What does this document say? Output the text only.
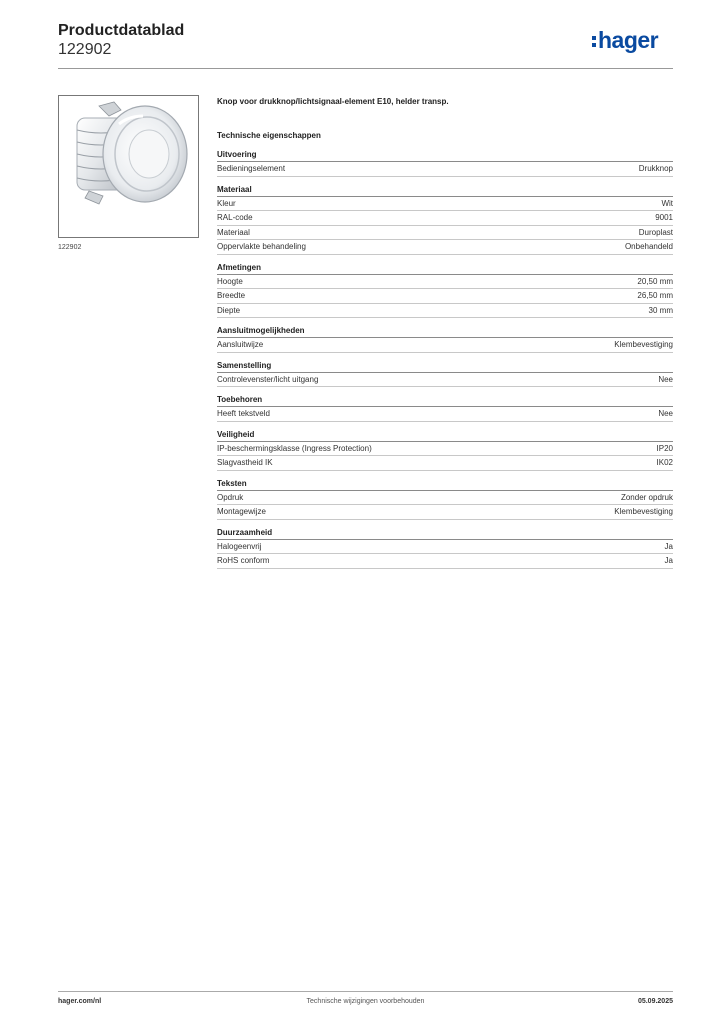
Productdatablad
122902	hager
122902
Knop voor drukknop/lichtsignaal-element E10, helder transp.
Technische eigenschappen
Uitvoering
Bedieningselement	Drukknop
Materiaal
Kleur	Wit
RAL-code	9001
Materiaal	Duroplast
Oppervlakte behandeling	Onbehandeld
Afmetingen
Hoogte	20,50 mm
Breedte	26,50 mm
Diepte	30 mm
Aansluitmogelijkheden
Aansluitwijze	Klembevestiging
Samenstelling
Controlevenster/licht uitgang	Nee
Toebehoren
Heeft tekstveld	Nee
Veiligheid
IP-beschermingsklasse (Ingress Protection)	IP20
Slagvastheid IK	IK02
Teksten
Opdruk	Zonder opdruk
Montagewijze	Klembevestiging
Duurzaamheid
Halogeenvrij	Ja
RoHS conform	Ja
hager.com/nl	Technische wijzigingen voorbehouden	05.09.2025
